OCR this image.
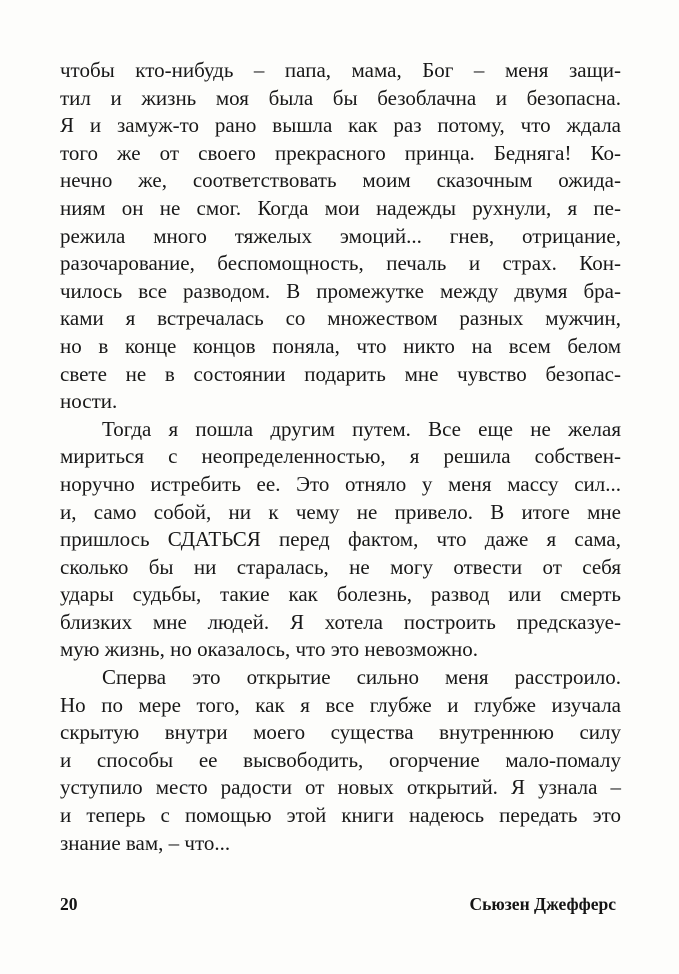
чтобы кто-нибудь – папа, мама, Бог – меня защи-
тил и жизнь моя была бы безоблачна и безопасна.
Я и замуж-то рано вышла как раз потому, что ждала
того же от своего прекрасного принца. Бедняга! Ко-
нечно же, соответствовать моим сказочным ожида-
ниям он не смог. Когда мои надежды рухнули, я пе-
режила много тяжелых эмоций... гнев, отрицание,
разочарование, беспомощность, печаль и страх. Кон-
чилось все разводом. В промежутке между двумя бра-
ками я встречалась со множеством разных мужчин,
но в конце концов поняла, что никто на всем белом
свете не в состоянии подарить мне чувство безопас-
ности.
Тогда я пошла другим путем. Все еще не желая
мириться с неопределенностью, я решила собствен-
норучно истребить ее. Это отняло у меня массу сил...
и, само собой, ни к чему не привело. В итоге мне
пришлось СДАТЬСЯ перед фактом, что даже я сама,
сколько бы ни старалась, не могу отвести от себя
удары судьбы, такие как болезнь, развод или смерть
близких мне людей. Я хотела построить предсказуе-
мую жизнь, но оказалось, что это невозможно.
Сперва это открытие сильно меня расстроило.
Но по мере того, как я все глубже и глубже изучала
скрытую внутри моего существа внутреннюю силу
и способы ее высвободить, огорчение мало-помалу
уступило место радости от новых открытий. Я узнала –
и теперь с помощью этой книги надеюсь передать это
знание вам, – что...
20	Сьюзен Джефферс
